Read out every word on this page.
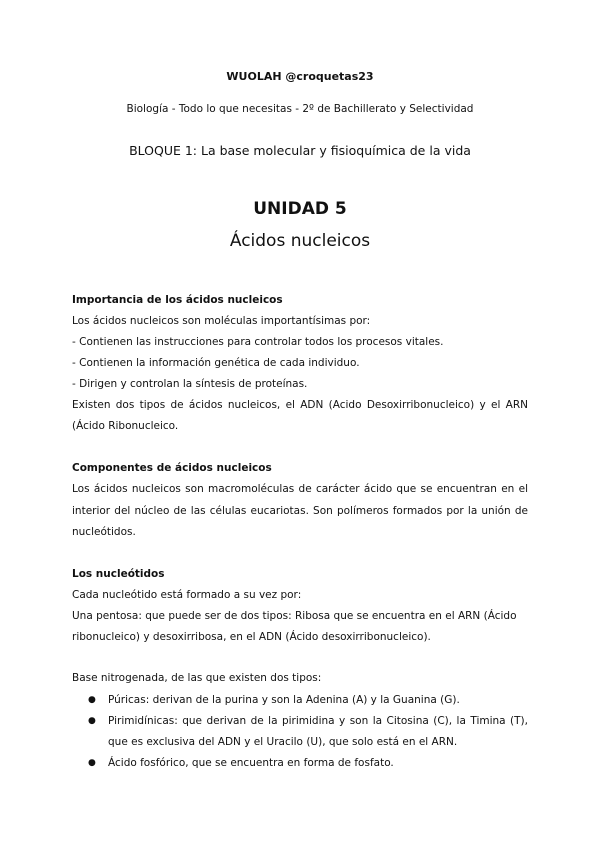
WUOLAH @croquetas23
Biología - Todo lo que necesitas - 2º de Bachillerato y Selectividad
BLOQUE 1: La base molecular y fisioquímica de la vida
UNIDAD 5
Ácidos nucleicos

Importancia de los ácidos nucleicos

Los ácidos nucleicos son moléculas importantísimas por:

- Contienen las instrucciones para controlar todos los procesos vitales.

- Contienen la información genética de cada individuo.

- Dirigen y controlan la síntesis de proteínas.

Existen dos tipos de ácidos nucleicos, el ADN (Acido Desoxirribonucleico) y el ARN (Ácido Ribonucleico.

Componentes de ácidos nucleicos

Los ácidos nucleicos son macromoléculas de carácter ácido que se encuentran en el interior del núcleo de las células eucariotas. Son polímeros formados por la unión de nucleótidos.

Los nucleótidos

Cada nucleótido está formado a su vez por:

Una pentosa: que puede ser de dos tipos: Ribosa que se encuentra en el ARN (Ácido ribonucleico) y desoxirribosa, en el ADN (Ácido desoxirribonucleico).

Base nitrogenada, de las que existen dos tipos:
●	Púricas: derivan de la purina y son la Adenina (A) y la Guanina (G).
●	Pirimidínicas: que derivan de la pirimidina y son la Citosina (C), la Timina (T), que es exclusiva del ADN y el Uracilo (U), que solo está en el ARN.
●	Ácido fosfórico, que se encuentra en forma de fosfato.
